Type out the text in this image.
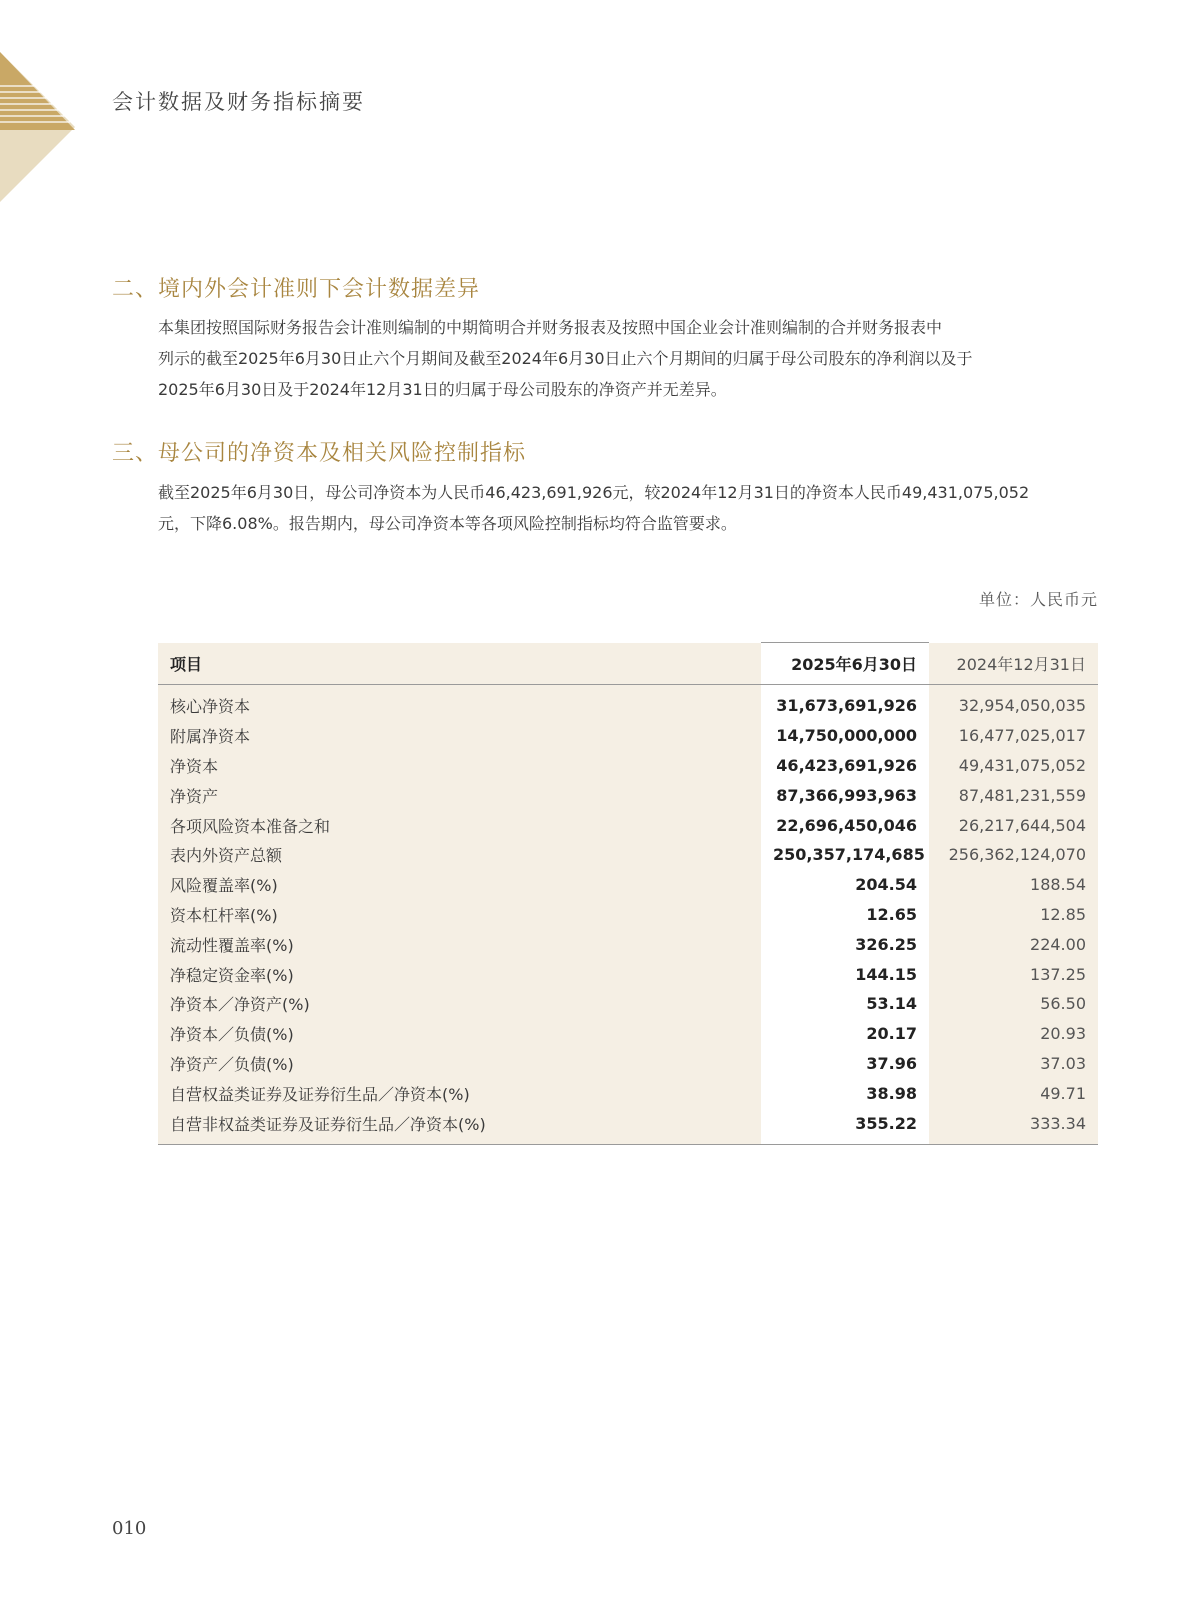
会计数据及财务指标摘要
二、境内外会计准则下会计数据差异
本集团按照国际财务报告会计准则编制的中期简明合并财务报表及按照中国企业会计准则编制的合并财务报表中
列示的截至2025年6月30日止六个月期间及截至2024年6月30日止六个月期间的归属于母公司股东的净利润以及于
2025年6月30日及于2024年12月31日的归属于母公司股东的净资产并无差异。
三、母公司的净资本及相关风险控制指标
截至2025年6月30日，母公司净资本为人民币46,423,691,926元，较2024年12月31日的净资本人民币49,431,075,052
元，下降6.08%。报告期内，母公司净资本等各项风险控制指标均符合监管要求。
单位：人民币元
项目	2025年6月30日	2024年12月31日
核心净资本	31,673,691,926	32,954,050,035
附属净资本	14,750,000,000	16,477,025,017
净资本	46,423,691,926	49,431,075,052
净资产	87,366,993,963	87,481,231,559
各项风险资本准备之和	22,696,450,046	26,217,644,504
表内外资产总额	250,357,174,685	256,362,124,070
风险覆盖率(%)	204.54	188.54
资本杠杆率(%)	12.65	12.85
流动性覆盖率(%)	326.25	224.00
净稳定资金率(%)	144.15	137.25
净资本／净资产(%)	53.14	56.50
净资本／负债(%)	20.17	20.93
净资产／负债(%)	37.96	37.03
自营权益类证券及证券衍生品／净资本(%)	38.98	49.71
自营非权益类证券及证券衍生品／净资本(%)	355.22	333.34
010
